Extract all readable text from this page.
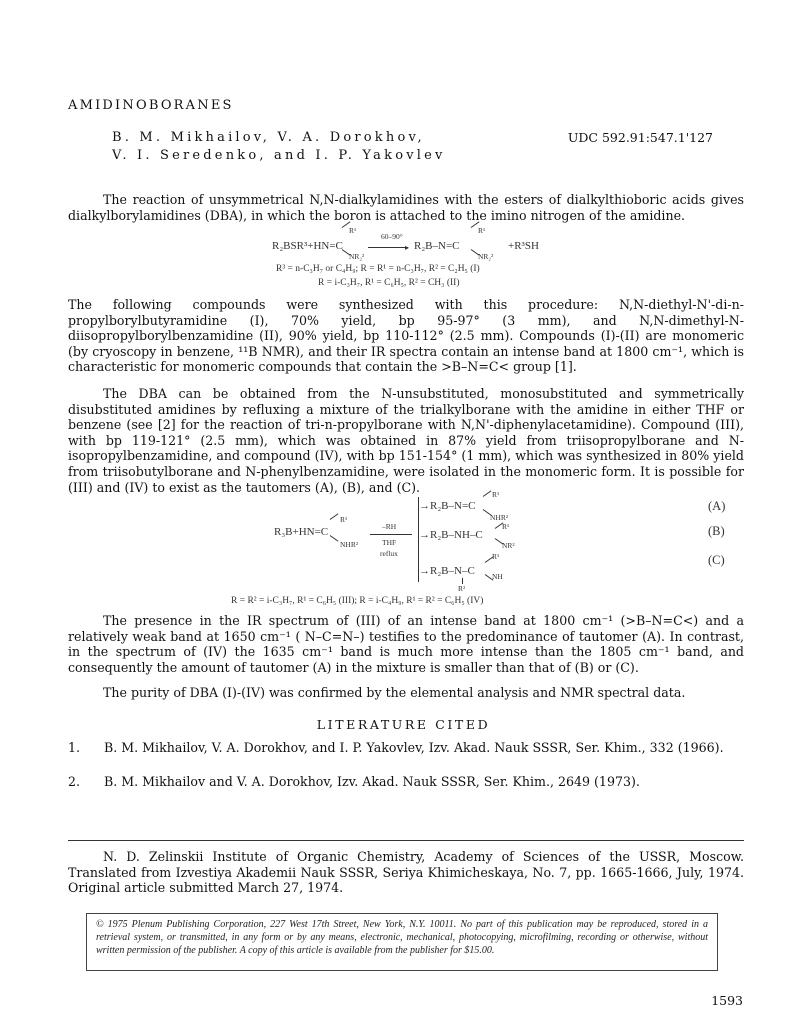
AMIDINOBORANES
B. M. Mikhailov, V. A. Dorokhov,
V. I. Seredenko, and I. P. Yakovlev
UDC 592.91:547.1'127
The reaction of unsymmetrical N,N-dialkylamidines with the esters of dialkylthioboric acids gives dialkylborylamidines (DBA), in which the boron is attached to the imino nitrogen of the amidine.
R₂BSR³+HN=C
R¹
NR₂²
60–90°
▸ R₂B–N=C
R¹
NR₂²
+R³SH
R³ = n-C₃H₇ or C₄H₉; R = R¹ = n-C₃H₇, R² = C₂H₅ (I)
R = i-C₃H₇, R¹ = C₆H₅, R² = CH₃ (II)
The following compounds were synthesized with this procedure: N,N-diethyl-N'-di-n-propylborylbutyramidine (I), 70% yield, bp 95-97° (3 mm), and N,N-dimethyl-N-diisopropylborylbenzamidine (II), 90% yield, bp 110-112° (2.5 mm). Compounds (I)-(II) are monomeric (by cryoscopy in benzene, ¹¹B NMR), and their IR spectra contain an intense band at 1800 cm⁻¹, which is characteristic for monomeric compounds that contain the >B–N=C< group [1].
The DBA can be obtained from the N-unsubstituted, monosubstituted and symmetrically disubstituted amidines by refluxing a mixture of the trialkylborane with the amidine in either THF or benzene (see [2] for the reaction of tri-n-propylborane with N,N'-diphenylacetamidine). Compound (III), with bp 119-121° (2.5 mm), which was obtained in 87% yield from triisopropylborane and N-isopropylbenzamidine, and compound (IV), with bp 151-154° (1 mm), which was synthesized in 80% yield from triisobutylborane and N-phenylbenzamidine, were isolated in the monomeric form. It is possible for (III) and (IV) to exist as the tautomers (A), (B), and (C).
R₃B+HN=C
R¹
NHR²
–RH
THF
reflux
→R₂B–N=C
R¹
NHR²
→R₂B–NH–C
R¹
NR²
→R₂B–N–C
R¹
NH
R²
(A)
(B)
(C)
R = R² = i-C₃H₇, R¹ = C₆H₅ (III); R = i-C₄H₉, R¹ = R² = C₆H₅ (IV)
The presence in the IR spectrum of (III) of an intense band at 1800 cm⁻¹ (>B–N=C<) and a relatively weak band at 1650 cm⁻¹ ( N–C=N–) testifies to the predominance of tautomer (A). In contrast, in the spectrum of (IV) the 1635 cm⁻¹ band is much more intense than the 1805 cm⁻¹ band, and consequently the amount of tautomer (A) in the mixture is smaller than that of (B) or (C).
The purity of DBA (I)-(IV) was confirmed by the elemental analysis and NMR spectral data.
LITERATURE CITED
1. B. M. Mikhailov, V. A. Dorokhov, and I. P. Yakovlev, Izv. Akad. Nauk SSSR, Ser. Khim., 332 (1966).
2. B. M. Mikhailov and V. A. Dorokhov, Izv. Akad. Nauk SSSR, Ser. Khim., 2649 (1973).
N. D. Zelinskii Institute of Organic Chemistry, Academy of Sciences of the USSR, Moscow. Translated from Izvestiya Akademii Nauk SSSR, Seriya Khimicheskaya, No. 7, pp. 1665-1666, July, 1974. Original article submitted March 27, 1974.
© 1975 Plenum Publishing Corporation, 227 West 17th Street, New York, N.Y. 10011. No part of this publication may be reproduced, stored in a retrieval system, or transmitted, in any form or by any means, electronic, mechanical, photocopying, microfilming, recording or otherwise, without written permission of the publisher. A copy of this article is available from the publisher for $15.00.
1593
